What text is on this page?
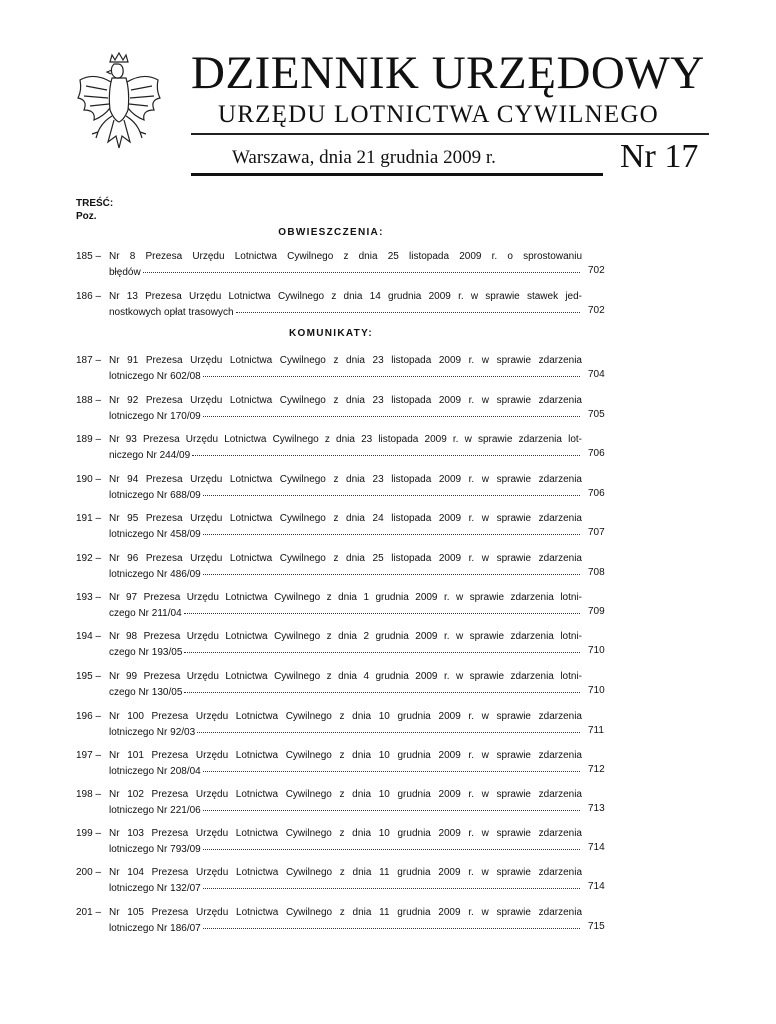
DZIENNIK URZĘDOWY
URZĘDU LOTNICTWA CYWILNEGO
Warszawa, dnia 21 grudnia 2009 r.	Nr 17
TREŚĆ:
Poz.
OBWIESZCZENIA:
185 – Nr 8 Prezesa Urzędu Lotnictwa Cywilnego z dnia 25 listopada 2009 r. o sprostowaniu
błędów	702
186 – Nr 13 Prezesa Urzędu Lotnictwa Cywilnego z dnia 14 grudnia 2009 r. w sprawie stawek jed-
nostkowych opłat trasowych	702
KOMUNIKATY:
187 – Nr 91 Prezesa Urzędu Lotnictwa Cywilnego z dnia 23 listopada 2009 r. w sprawie zdarzenia
lotniczego Nr 602/08	704
188 – Nr 92 Prezesa Urzędu Lotnictwa Cywilnego z dnia 23 listopada 2009 r. w sprawie zdarzenia
lotniczego Nr 170/09	705
189 – Nr 93 Prezesa Urzędu Lotnictwa Cywilnego z dnia 23 listopada 2009 r. w sprawie zdarzenia lot-
niczego Nr 244/09	706
190 – Nr 94 Prezesa Urzędu Lotnictwa Cywilnego z dnia 23 listopada 2009 r. w sprawie zdarzenia
lotniczego Nr 688/09	706
191 – Nr 95 Prezesa Urzędu Lotnictwa Cywilnego z dnia 24 listopada 2009 r. w sprawie zdarzenia
lotniczego Nr 458/09	707
192 – Nr 96 Prezesa Urzędu Lotnictwa Cywilnego z dnia 25 listopada 2009 r. w sprawie zdarzenia
lotniczego Nr 486/09	708
193 – Nr 97 Prezesa Urzędu Lotnictwa Cywilnego z dnia 1 grudnia 2009 r. w sprawie zdarzenia lotni-
czego Nr 211/04	709
194 – Nr 98 Prezesa Urzędu Lotnictwa Cywilnego z dnia 2 grudnia 2009 r. w sprawie zdarzenia lotni-
czego Nr 193/05	710
195 – Nr 99 Prezesa Urzędu Lotnictwa Cywilnego z dnia 4 grudnia 2009 r. w sprawie zdarzenia lotni-
czego Nr 130/05	710
196 – Nr 100 Prezesa Urzędu Lotnictwa Cywilnego z dnia 10 grudnia 2009 r. w sprawie zdarzenia
lotniczego Nr 92/03	711
197 – Nr 101 Prezesa Urzędu Lotnictwa Cywilnego z dnia 10 grudnia 2009 r. w sprawie zdarzenia
lotniczego Nr 208/04	712
198 – Nr 102 Prezesa Urzędu Lotnictwa Cywilnego z dnia 10 grudnia 2009 r. w sprawie zdarzenia
lotniczego Nr 221/06	713
199 – Nr 103 Prezesa Urzędu Lotnictwa Cywilnego z dnia 10 grudnia 2009 r. w sprawie zdarzenia
lotniczego Nr 793/09	714
200 – Nr 104 Prezesa Urzędu Lotnictwa Cywilnego z dnia 11 grudnia 2009 r. w sprawie zdarzenia
lotniczego Nr 132/07	714
201 – Nr 105 Prezesa Urzędu Lotnictwa Cywilnego z dnia 11 grudnia 2009 r. w sprawie zdarzenia
lotniczego Nr 186/07	715
